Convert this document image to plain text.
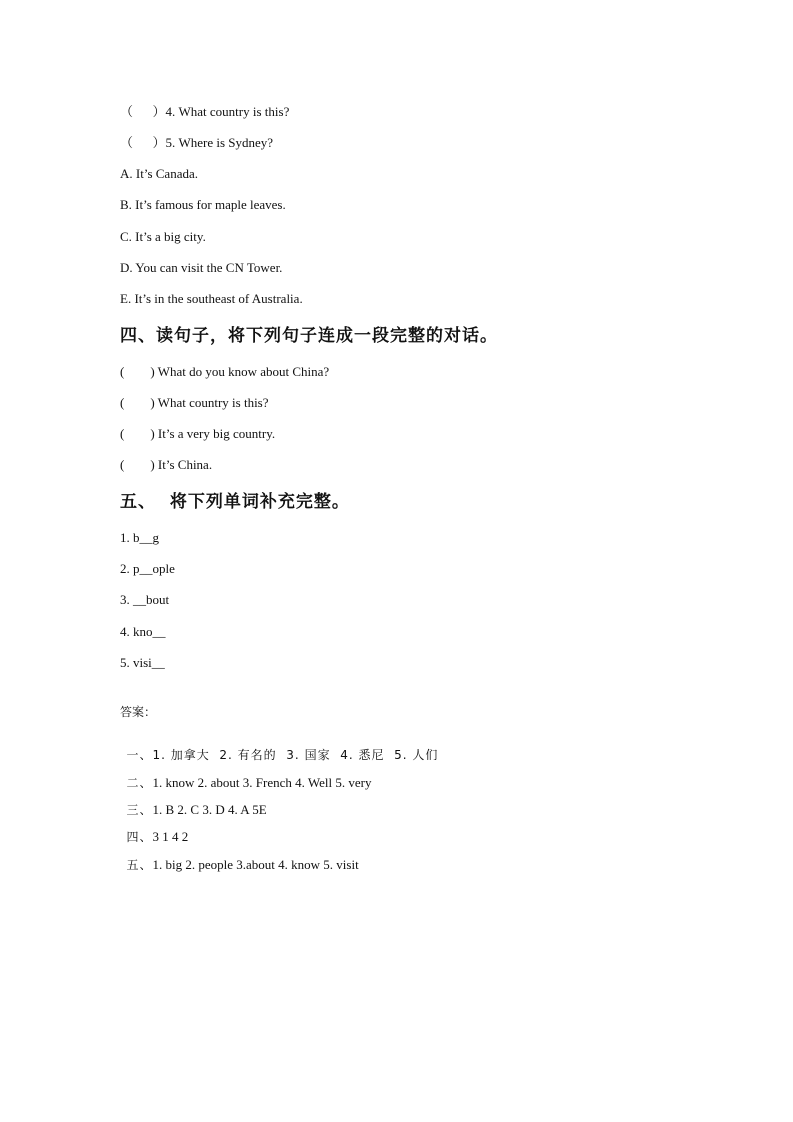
（      ）4. What country is this?
（      ）5. Where is Sydney?
A. It’s Canada.
B. It’s famous for maple leaves.
C. It’s a big city.
D. You can visit the CN Tower.
E. It’s in the southeast of Australia.
四、读句子，将下列句子连成一段完整的对话。
(        ) What do you know about China?
(        ) What country is this?
(        ) It’s a very big country.
(        ) It’s China.
五、  将下列单词补充完整。
1. b__g
2. p__ople
3. __bout
4. kno__
5. visi__
答案：

一、1. 加拿大  2. 有名的  3. 国家  4. 悉尼  5. 人们

二、1. know 2. about 3. French 4. Well 5. very

三、1. B 2. C 3. D 4. A 5E

四、3 1 4 2

五、1. big 2. people 3.about 4. know 5. visit
